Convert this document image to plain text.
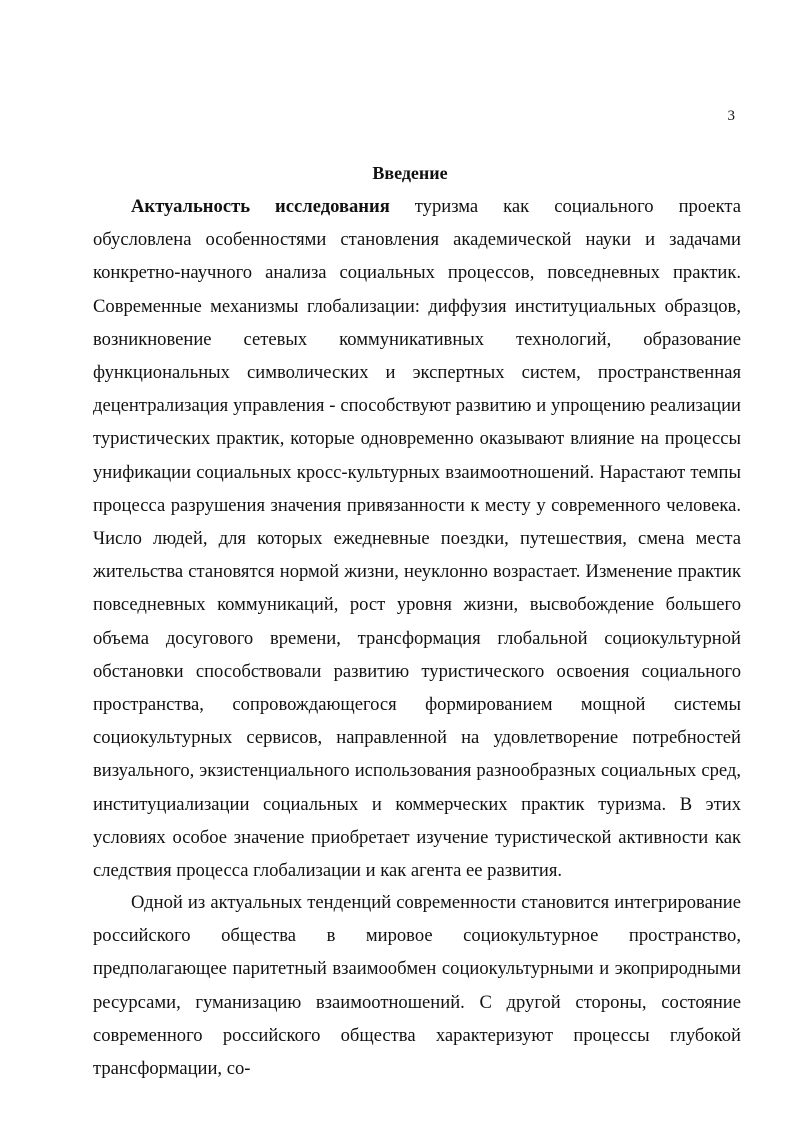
3
Введение

Актуальность исследования туризма как социального проекта обусловлена особенностями становления академической науки и задачами конкретно-научного анализа социальных процессов, повседневных практик. Современные механизмы глобализации: диффузия институциальных образцов, возникновение сетевых коммуникативных технологий, образование функциональных символических и экспертных систем, пространственная децентрализация управления - способствуют развитию и упрощению реализации туристических практик, которые одновременно оказывают влияние на процессы унификации социальных кросс-культурных взаимоотношений. Нарастают темпы процесса разрушения значения привязанности к месту у современного человека. Число людей, для которых ежедневные поездки, путешествия, смена места жительства становятся нормой жизни, неуклонно возрастает. Изменение практик повседневных коммуникаций, рост уровня жизни, высвобождение большего объема досугового времени, трансформация глобальной социокультурной обстановки способствовали развитию туристического освоения социального пространства, сопровождающегося формированием мощной системы социокультурных сервисов, направленной на удовлетворение потребностей визуального, экзистенциального использования разнообразных социальных сред, институциализации социальных и коммерческих практик туризма. В этих условиях особое значение приобретает изучение туристической активности как следствия процесса глобализации и как агента ее развития.

Одной из актуальных тенденций современности становится интегрирование российского общества в мировое социокультурное пространство, предполагающее паритетный взаимообмен социокультурными и экоприродными ресурсами, гуманизацию взаимоотношений. С другой стороны, состояние современного российского общества характеризуют процессы глубокой трансформации, со-
